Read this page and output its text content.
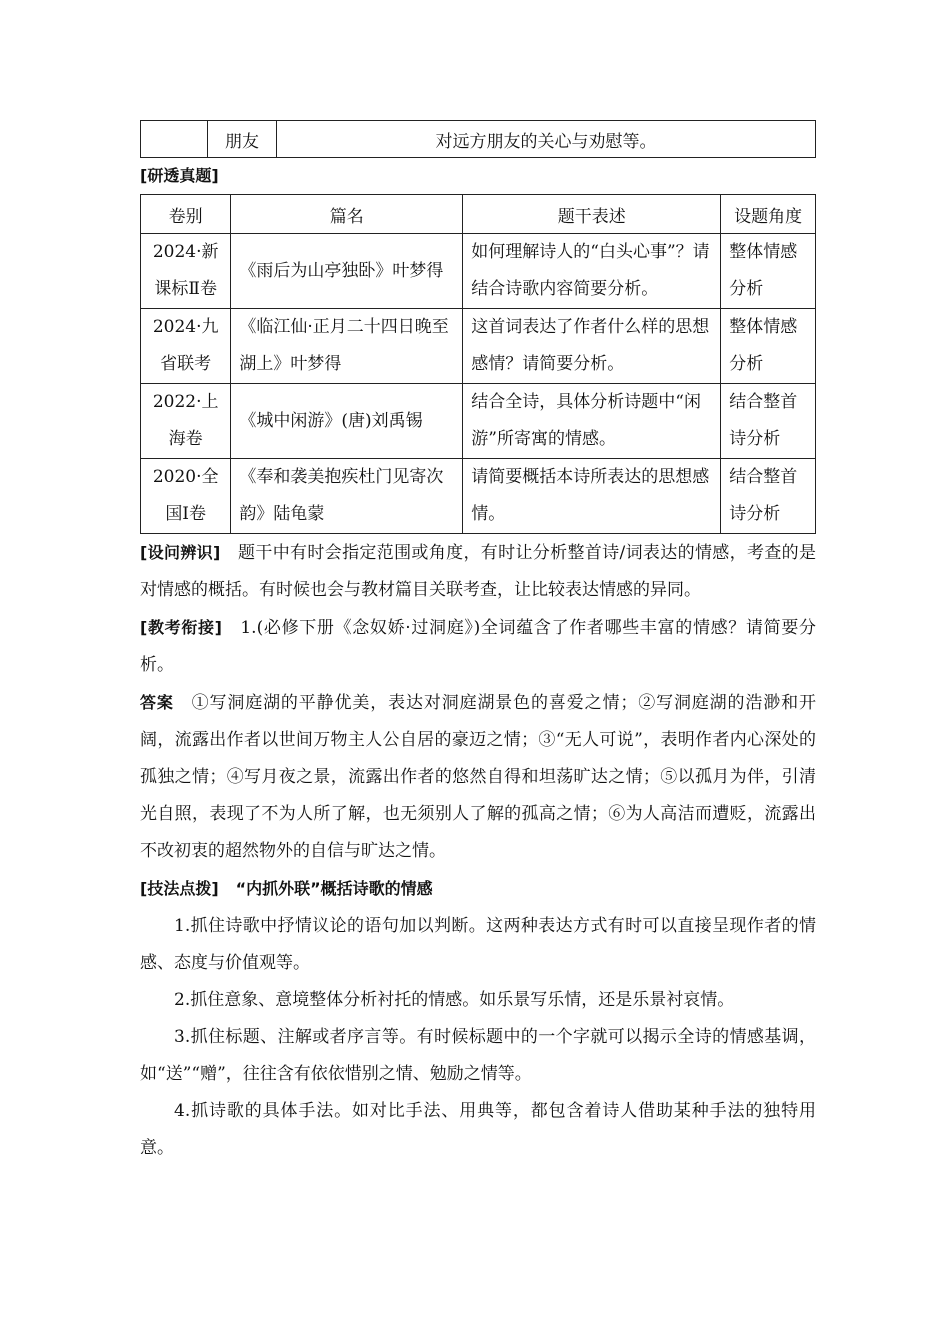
	朋友	对远方朋友的关心与劝慰等。
[研透真题]
卷别	篇名	题干表述	设题角度
2024·新课标Ⅱ卷	《雨后为山亭独卧》叶梦得	如何理解诗人的“白头心事”？请结合诗歌内容简要分析。	整体情感分析
2024·九省联考	《临江仙·正月二十四日晚至湖上》叶梦得	这首词表达了作者什么样的思想感情？请简要分析。	整体情感分析
2022·上海卷	《城中闲游》(唐)刘禹锡	结合全诗，具体分析诗题中“闲游”所寄寓的情感。	结合整首诗分析
2020·全国Ⅰ卷	《奉和袭美抱疾杜门见寄次韵》陆龟蒙	请简要概括本诗所表达的思想感情。	结合整首诗分析

[设问辨识]　 题干中有时会指定范围或角度，有时让分析整首诗/词表达的情感，考查的是对情感的概括。有时候也会与教材篇目关联考查，让比较表达情感的异同。

[教考衔接]　 1.(必修下册《念奴娇·过洞庭》)全词蕴含了作者哪些丰富的情感？请简要分析。

答案　 ①写洞庭湖的平静优美，表达对洞庭湖景色的喜爱之情；②写洞庭湖的浩渺和开阔，流露出作者以世间万物主人公自居的豪迈之情；③“无人可说”，表明作者内心深处的孤独之情；④写月夜之景，流露出作者的悠然自得和坦荡旷达之情；⑤以孤月为伴，引清光自照，表现了不为人所了解，也无须别人了解的孤高之情；⑥为人高洁而遭贬，流露出不改初衷的超然物外的自信与旷达之情。

[技法点拨]　 “内抓外联”概括诗歌的情感

1.抓住诗歌中抒情议论的语句加以判断。这两种表达方式有时可以直接呈现作者的情感、态度与价值观等。

2.抓住意象、意境整体分析衬托的情感。如乐景写乐情，还是乐景衬哀情。

3.抓住标题、注解或者序言等。有时候标题中的一个字就可以揭示全诗的情感基调，如“送”“赠”，往往含有依依惜别之情、勉励之情等。

4.抓诗歌的具体手法。如对比手法、用典等，都包含着诗人借助某种手法的独特用意。
